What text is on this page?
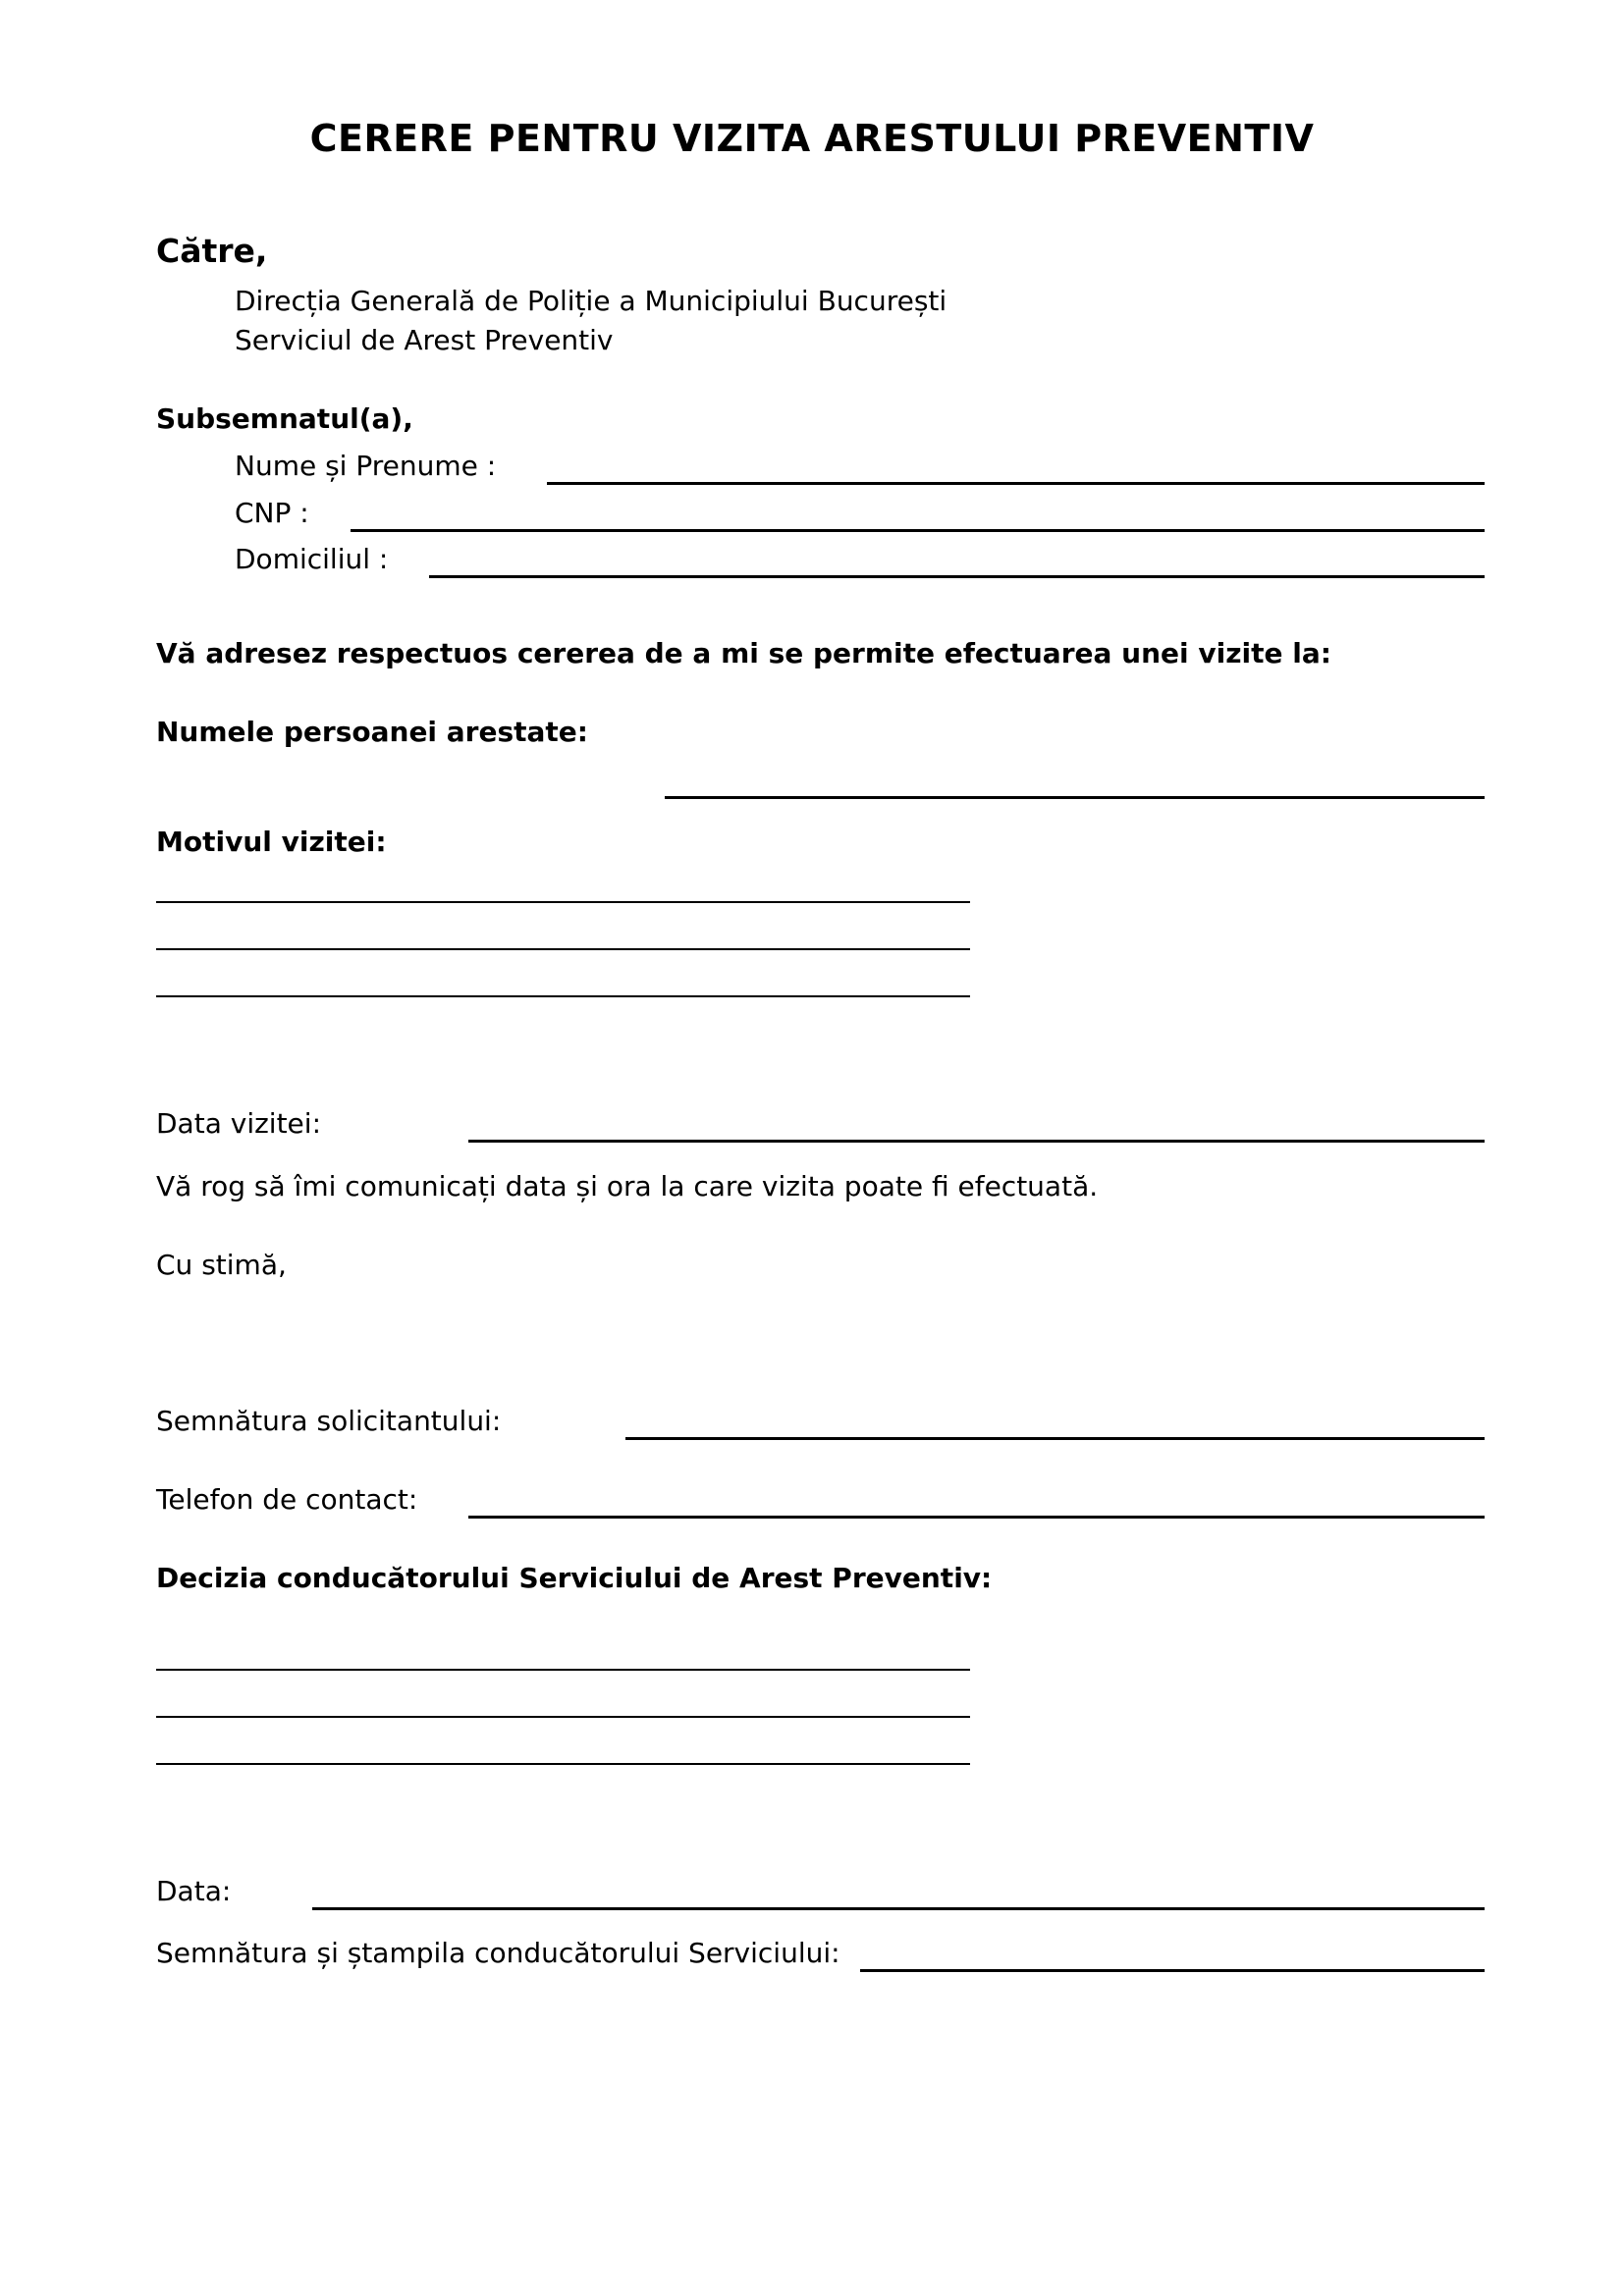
CERERE PENTRU VIZITA ARESTULUI PREVENTIV
Către,
Direcția Generală de Poliție a Municipiului București
Serviciul de Arest Preventiv
Subsemnatul(a),
Nume și Prenume :
CNP :
Domiciliul :
Vă adresez respectuos cererea de a mi se permite efectuarea unei vizite la:
Numele persoanei arestate:
Motivul vizitei:
Data vizitei:
Vă rog să îmi comunicați data și ora la care vizita poate fi efectuată.
Cu stimă,
Semnătura solicitantului:
Telefon de contact:
Decizia conducătorului Serviciului de Arest Preventiv:
Data:
Semnătura și ștampila conducătorului Serviciului:
